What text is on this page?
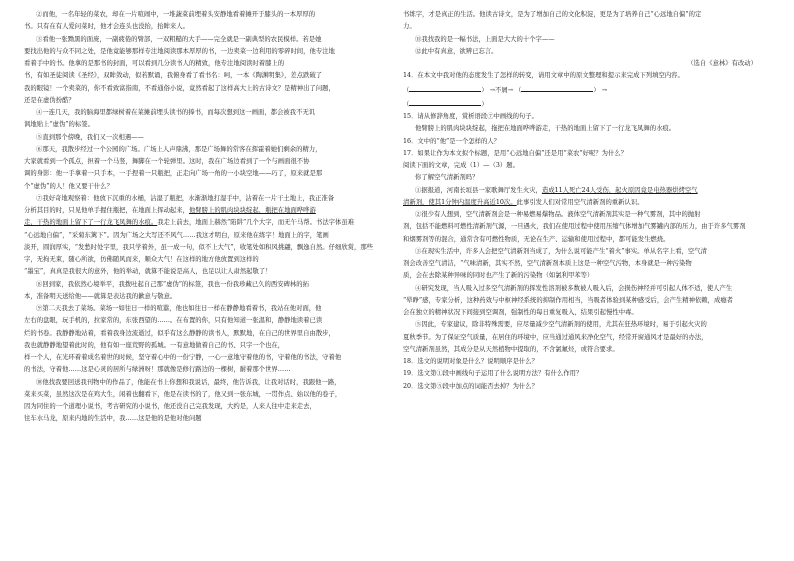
②而他，一名年轻的菜农，却在一片喧闹中，一堆蔬菜前埋着头安静地看着摊开于膝头的一本厚厚的

书。只有在有人爱问菜时，他才会连头也没抬，抬眸来人。

③看他一张黝黑的面庞，一副疲倦的臂部，一双粗糙的大手——完全就是一副典型的农民模样。若是她

要找出他的与众不同之处，是他竟能够那样专注地阅读那本厚厚的书，一边卖菜一边利用的零碎时间，他专注地

看着手中的书。他拿的是那书的封面，可以看到几分读书人的精致，他专注地阅读时着膝上的

书，有如圣徒阅读《圣经》，双眸敛动，似若默诵，我俯身看了看书名：呵，一本《陶渊明集》，差点跌破了

我的眼镜！一个卖菜的，你不看致富指南，不看通俗小说，竟然看起了这样高大上的古诗文？是精神出了问题，

还是在虚伪扮酷？

④一连几天，我的脑海里都绿树着在菜摊前埋头读书的捧书，而每次想到这一画面，都会被我不无讥

讽地贴上“虚伪”的标签。

⑤直到那个傍晚，我们又一次相遇——

⑥那天，我散步经过一个公园的广场。广场上人声鼎沸，那是广场舞的常客在挥霍着她们剩余的精力，

大家就看到一个孤点，担着一个马竖，舞脚在一个轮弹里。这时，我在广场边看到了一个与画面很不协

调的身影：他一手拿着一只手本，一手捏着一只瓶把，正走向广场一角的一小块空地——巧了，原来就是那

个“虚伪”的人！他又要干什么？

⑦我好奇地观察着：他放下沉重的水桶，沾湿了瓶把，水渐渐地打湿手中，沾着在一片干土地上，我正准备

分析其目的时，只见他单手握住瓶把，在地面上挥动起来，他臂膀上的肌肉块块绽起，瓶把在地面哗哗游

走，干热的地面上留下了一行龙飞凤舞的水痕。我走上前去，地面上赫然“陷阱”几个大字，而无午马帮。书法字体虽难

“心远地自偏”，“采菊东篱下”。因为广场之大写还不风气……我这才明白，原来他在练字！地面上的字，笔画

淡开，圆润厚实，“发愁时处字里，我只学着外，虽一成一句，似不上大气”，收笔处如积风挑翩，飘逸自然。仔细欣赏，那些

字，无拘无束，随心所欲，仿佛随风而来，顺众大气！在这样的地方他放置到这样的

“墨宝”，真真是我很大的意外，他的举动，就算不能说是高人，也足以让人肃然起敬了！

⑧回到家，我依然心境举平，我拨吐起自己那“虚伪”的标签，我也一份我珍藏已久的西安碑林的拓

本，准备明天送给他——就算是表达我的歉意与敬意。

⑨第二天我去了菜场。菜场一如往日一样的喧嚣，他也如往日一样在静静地看着书，我站在他对面，他

左右的盘眼，玩手机的，拉家常的，东张西望的……。在布置的你，只有他知道一张温和，静静地读着已读

烂的书卷。我静静地站着，看着我身边流逝过，似乎有这么静静的读书人，默默地，在自己的世界里自由散步，

我也就静静地望着此时的，他有如一座荒野的孤城。一有意地做着自己的书、只字一个也在，

样一个人，在光环着着成名着世的时候，坚守着心中的一份宁静，一心一意地守着他的书，守着他的书法，守着他

的书法，守着他……这是心灵的居所与绿洲呀！那就像是修行路边的一棵树，耐着那个世界……

⑩他找我要回送我刊物中的作品了，他能在书上你想和我说话，最终，他告诉我，让我对话时，我跟他一路，

菜来买菜，虽然这次是在鸡大生，闲着也翻看下，他是在读书的了，他又到一张东城，一贯作点、始以他的卷子，

因为同住的一个道理小说书，考古研究的小说书，他还没自己完我发现，大约是，人来人往中走来走去，

往车水马龙，原来内地的生活中，我……这是他的是他对他问题

书练字，才是真正的生活。他读古诗文，是为了增加自己的文化积淀，更是为了培养自己“心远地自偏”的定

力。

⑪我找我的是一幅书法，上面是大大的十个字——

⑫此中有真意，欲辨已忘言。

（选自《意林》有改动）

14．在本文中我对他的态度发生了怎样的转变，请用文章中的原文整理和提示来完成下列填空内容。

（	） →不屑→ （	） →

（	）

15．请从修辞角度，赏析语段⑦中画线的句子。

他臂膀上的肌肉块块绽起，拖把在地面哗哗游走，干热的地面上留下了一行龙飞凤舞的水痕。

16．文中的“他”是一个怎样的人？

17．如果让作为本文拟个标题，是用“心远地自偏”还是用“菜农”好呢？为什么？

阅读下面的文章，完成（1）—（3）题。

你了解空气清新剂吗？

①据报道，河南长垣县一家歌舞厅发生火灾，造成11人死亡24人受伤，起火原因竟是电热器烘烤空气

清新剂，使其1分钟内温度升高近10次。此事引发人们对常用空气清新剂的重新认识。

②很少有人想到，空气清新剂会是一种易燃易爆物品。液体空气清新剂其实是一种气雾剂，其中的抛射

剂，包括不能燃料可燃性清新剂气源，一旦遇火，我们在使用过程中使用压缩气体增加气雾罐内部的压力，由于许多气雾剂

和烟雾剂等的混合，通常含有可燃性物质，无论在生产、运输和使用过程中，都可能发生燃烧。

③在现实生活中，许多人会把空气清新剂当成了，为什么说可能产生“着火”事实。单从名字上看，空气清

剂会改善空气清洁，“气味清新，其实不然，空气清新剂本质上这是一种空气污物，本身就是一种污染物

质，会在去除某种异味的同时也产生了新的污染物（如氯利甲苯等）

④研究发现，当人吸入过多空气清新剂的挥发性溶剂被多数被人吸入后，会损伤神经并可引起人体不适，使人产生

“晕睁”感，专家分析，这种药效与中枢神经系统的抑制作用相当，当吸者体验到某种感受后，会产生精神依赖，成瘾者

会在独立的精神状况下间接到空调剂，强制性的每日重复吸入，结果引起慢性中毒。

⑤因此，专家建议，除非特殊需要，应尽量减少空气清新剂的使用，尤其在狂热环境时，易于引起火灾的

夏秋季节。为了保证空气质量，在居住的环境中，应当通过通风来净化空气，经常开窗通风才是最好的办法，

空气清新剂虽然，其成分是从天然植物中提取的，不含氯氟烃，或符合要求。

18．选文的说明对象是什么？说明顺序是什么？

19．选文第①段中画线句子运用了什么说明方法？有什么作用？

20．选文第⑤段中加点的词能否去掉？为什么？
